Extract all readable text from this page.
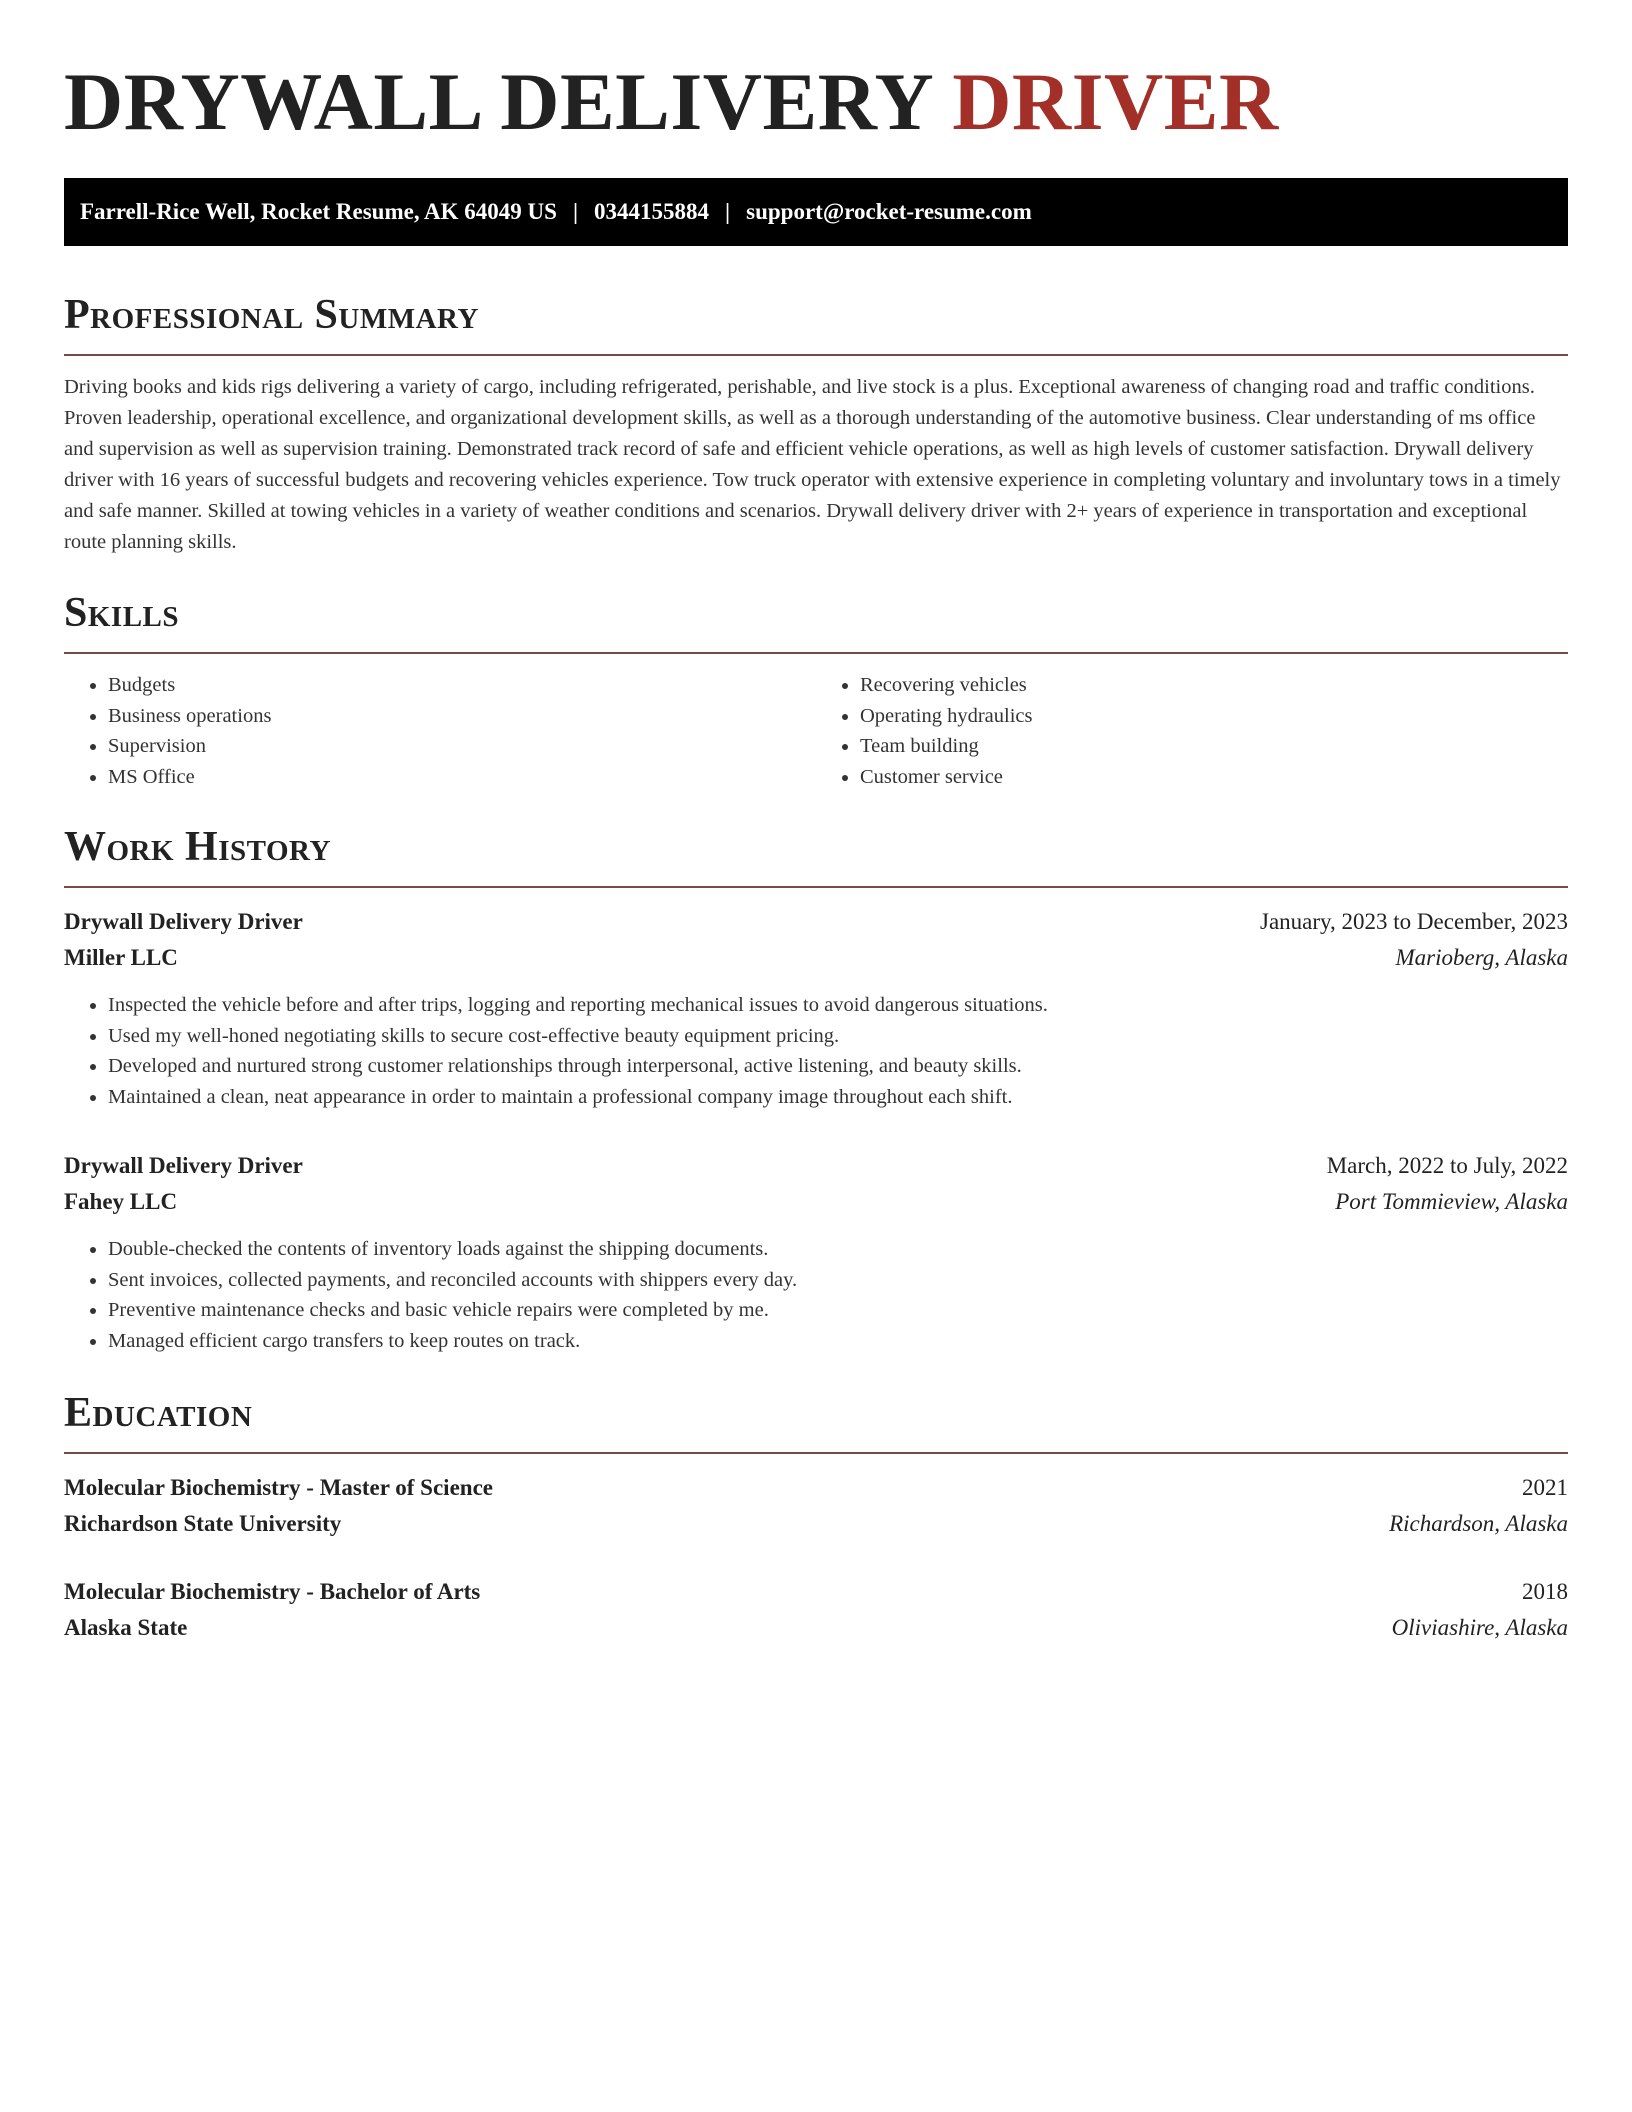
DRYWALL DELIVERY DRIVER
Farrell-Rice Well, Rocket Resume, AK 64049 US | 0344155884 | support@rocket-resume.com
Professional Summary

Driving books and kids rigs delivering a variety of cargo, including refrigerated, perishable, and live stock is a plus. Exceptional awareness of changing road and traffic conditions. Proven leadership, operational excellence, and organizational development skills, as well as a thorough understanding of the automotive business. Clear understanding of ms office and supervision as well as supervision training. Demonstrated track record of safe and efficient vehicle operations, as well as high levels of customer satisfaction. Drywall delivery driver with 16 years of successful budgets and recovering vehicles experience. Tow truck operator with extensive experience in completing voluntary and involuntary tows in a timely and safe manner. Skilled at towing vehicles in a variety of weather conditions and scenarios. Drywall delivery driver with 2+ years of experience in transportation and exceptional route planning skills.

Skills
• Budgets
• Business operations
• Supervision
• MS Office
• Recovering vehicles
• Operating hydraulics
• Team building
• Customer service
Work History
Drywall Delivery Driver	January, 2023 to December, 2023
Miller LLC	Marioberg, Alaska
• Inspected the vehicle before and after trips, logging and reporting mechanical issues to avoid dangerous situations.
• Used my well-honed negotiating skills to secure cost-effective beauty equipment pricing.
• Developed and nurtured strong customer relationships through interpersonal, active listening, and beauty skills.
• Maintained a clean, neat appearance in order to maintain a professional company image throughout each shift.
Drywall Delivery Driver	March, 2022 to July, 2022
Fahey LLC	Port Tommieview, Alaska
• Double-checked the contents of inventory loads against the shipping documents.
• Sent invoices, collected payments, and reconciled accounts with shippers every day.
• Preventive maintenance checks and basic vehicle repairs were completed by me.
• Managed efficient cargo transfers to keep routes on track.
Education
Molecular Biochemistry - Master of Science	2021
Richardson State University	Richardson, Alaska
Molecular Biochemistry - Bachelor of Arts	2018
Alaska State	Oliviashire, Alaska
